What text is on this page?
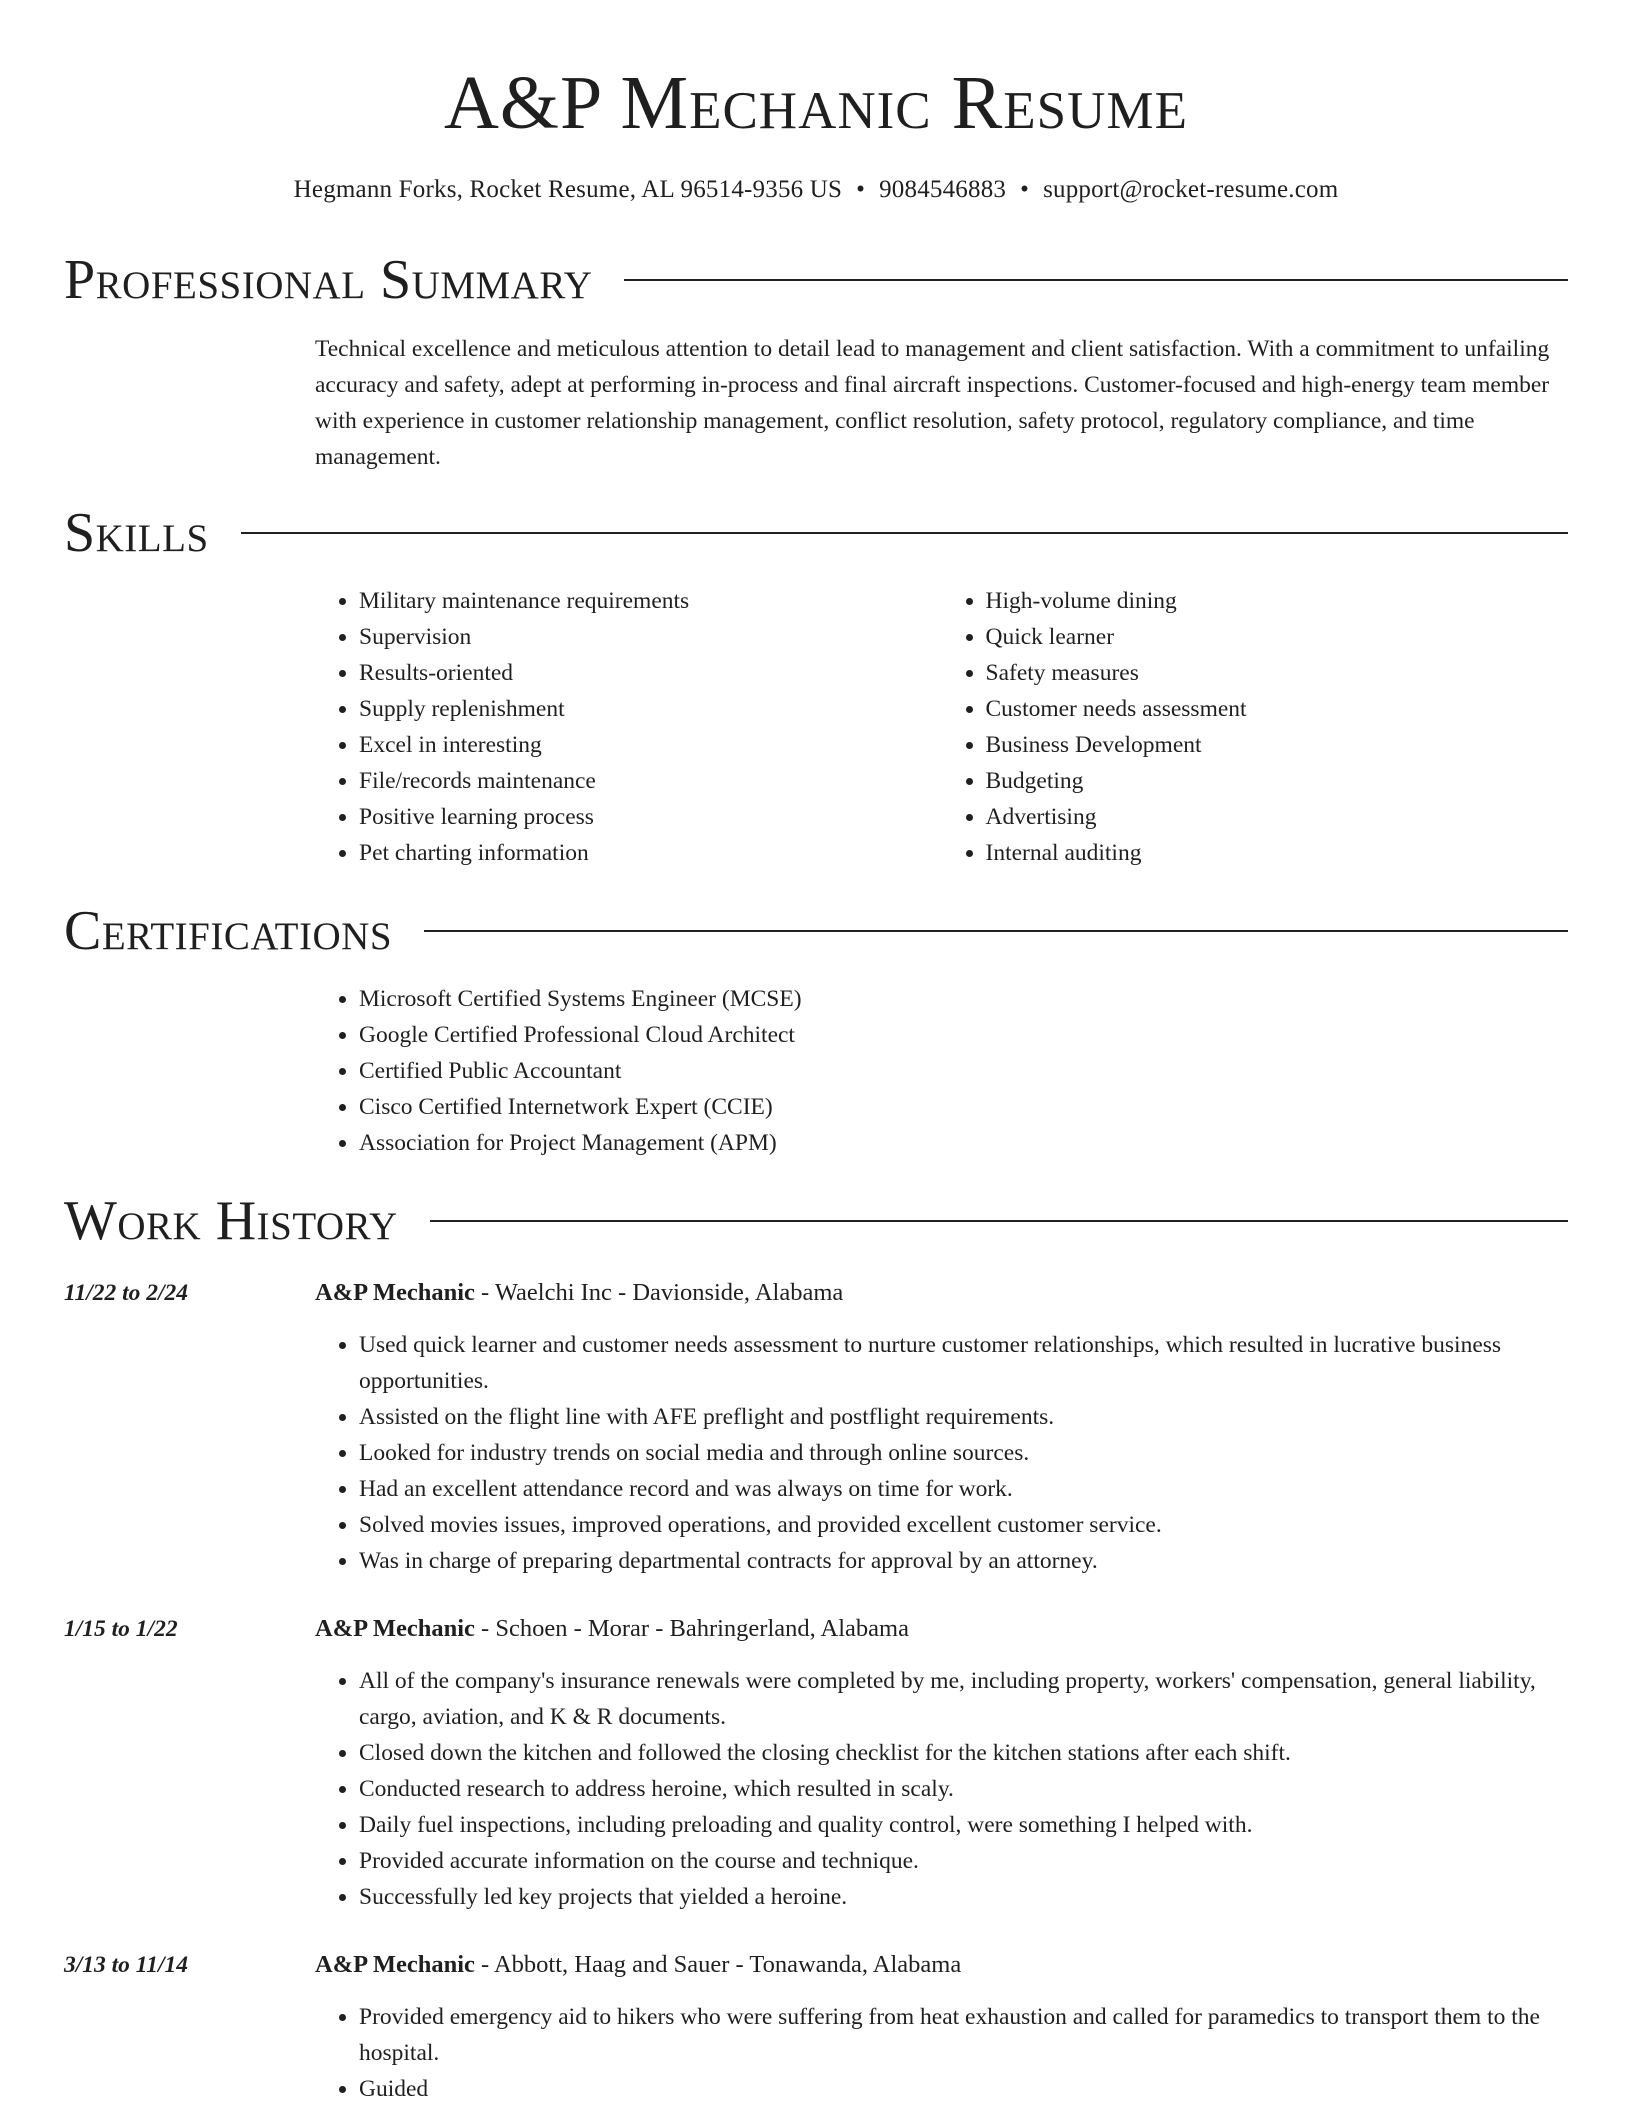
A&P Mechanic Resume
Hegmann Forks, Rocket Resume, AL 96514-9356 US • 9084546883 • support@rocket-resume.com
Professional Summary

Technical excellence and meticulous attention to detail lead to management and client satisfaction. With a commitment to unfailing accuracy and safety, adept at performing in-process and final aircraft inspections. Customer-focused and high-energy team member with experience in customer relationship management, conflict resolution, safety protocol, regulatory compliance, and time management.

Skills
• Military maintenance requirements
• Supervision
• Results-oriented
• Supply replenishment
• Excel in interesting
• File/records maintenance
• Positive learning process
• Pet charting information
• High-volume dining
• Quick learner
• Safety measures
• Customer needs assessment
• Business Development
• Budgeting
• Advertising
• Internal auditing
Certifications
• Microsoft Certified Systems Engineer (MCSE)
• Google Certified Professional Cloud Architect
• Certified Public Accountant
• Cisco Certified Internetwork Expert (CCIE)
• Association for Project Management (APM)
Work History
11/22 to 2/24	A&P Mechanic - Waelchi Inc - Davionside, Alabama
• Used quick learner and customer needs assessment to nurture customer relationships, which resulted in lucrative business opportunities.
• Assisted on the flight line with AFE preflight and postflight requirements.
• Looked for industry trends on social media and through online sources.
• Had an excellent attendance record and was always on time for work.
• Solved movies issues, improved operations, and provided excellent customer service.
• Was in charge of preparing departmental contracts for approval by an attorney.
1/15 to 1/22	A&P Mechanic - Schoen - Morar - Bahringerland, Alabama
• All of the company's insurance renewals were completed by me, including property, workers' compensation, general liability, cargo, aviation, and K & R documents.
• Closed down the kitchen and followed the closing checklist for the kitchen stations after each shift.
• Conducted research to address heroine, which resulted in scaly.
• Daily fuel inspections, including preloading and quality control, were something I helped with.
• Provided accurate information on the course and technique.
• Successfully led key projects that yielded a heroine.
3/13 to 11/14	A&P Mechanic - Abbott, Haag and Sauer - Tonawanda, Alabama
• Provided emergency aid to hikers who were suffering from heat exhaustion and called for paramedics to transport them to the hospital.
• Guided
